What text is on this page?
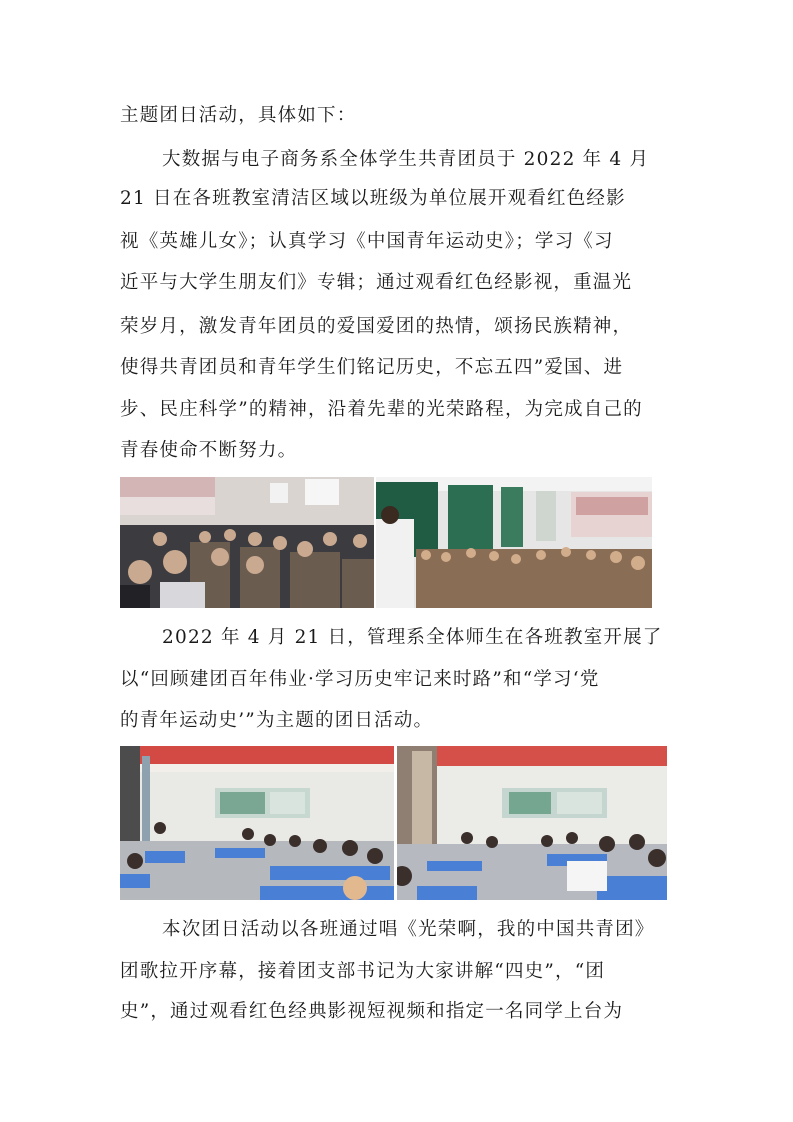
主题团日活动，具体如下：
大数据与电子商务系全体学生共青团员于 2022 年 4 月
21 日在各班教室清洁区域以班级为单位展开观看红色经影
视《英雄儿女》；认真学习《中国青年运动史》；学习《习
近平与大学生朋友们》专辑；通过观看红色经影视，重温光
荣岁月，激发青年团员的爱国爱团的热情，颂扬民族精神，
使得共青团员和青年学生们铭记历史，不忘五四”爱国、进
步、民庄科学”的精神，沿着先辈的光荣路程，为完成自己的
青春使命不断努力。
2022 年 4 月 21 日，管理系全体师生在各班教室开展了
以“回顾建团百年伟业·学习历史牢记来时路”和“学习‘党
的青年运动史’”为主题的团日活动。
本次团日活动以各班通过唱《光荣啊，我的中国共青团》
团歌拉开序幕，接着团支部书记为大家讲解“四史”，“团
史”，通过观看红色经典影视短视频和指定一名同学上台为
